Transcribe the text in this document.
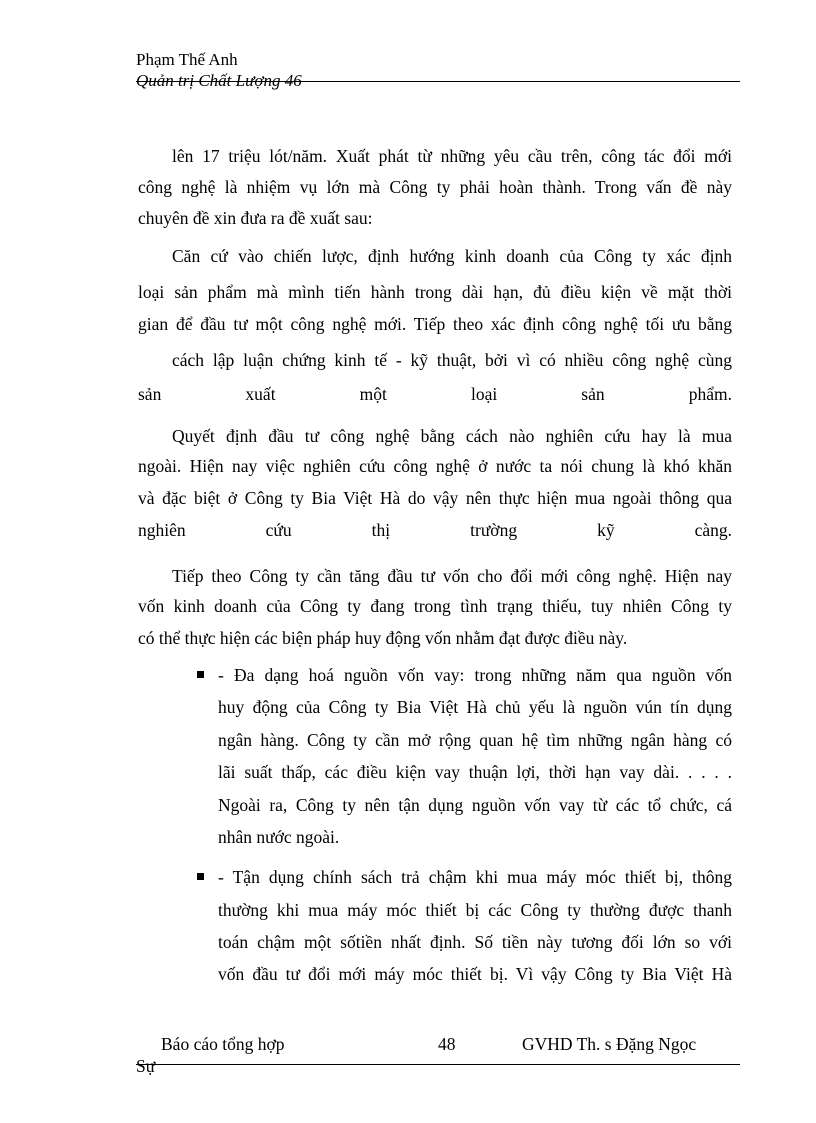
Phạm Thế Anh
Quản trị Chất Lượng 46
lên 17 triệu lót/năm. Xuất phát từ những yêu cầu trên, công tác đổi mới
công nghệ là nhiệm vụ lớn mà Công ty phải hoàn thành. Trong vấn đề này
chuyên đề xin đưa ra đề xuất sau:
Căn cứ vào chiến lược, định hướng kinh doanh của Công ty xác định
loại sản phẩm mà mình tiến hành trong dài hạn, đủ điều kiện về mặt thời
gian để đầu tư một công nghệ mới. Tiếp theo xác định công nghệ tối ưu bằng
cách lập luận chứng kinh tế - kỹ thuật, bởi vì có nhiều công nghệ cùng
sản xuất một loại sản phẩm.
Quyết định đầu tư công nghệ bằng cách nào nghiên cứu hay là mua
ngoài. Hiện nay việc nghiên cứu công nghệ ở nước ta nói chung là khó khăn
và đặc biệt ở Công ty Bia Việt Hà do vậy nên thực hiện mua ngoài thông qua
nghiên cứu thị trường kỹ càng.
Tiếp theo Công ty cần tăng đầu tư vốn cho đổi mới công nghệ. Hiện nay
vốn kinh doanh của Công ty đang trong tình trạng thiếu, tuy nhiên Công ty
có thể thực hiện các biện pháp huy động vốn nhằm đạt được điều này.
- Đa dạng hoá nguồn vốn vay: trong những năm qua nguồn vốn
huy động của Công ty Bia Việt Hà chủ yếu là nguồn vún tín dụng
ngân hàng. Công ty cần mở rộng quan hệ tìm những ngân hàng có
lãi suất thấp, các điều kiện vay thuận lợi, thời hạn vay dài. . . . .
Ngoài ra, Công ty nên tận dụng nguồn vốn vay từ các tổ chức, cá
nhân nước ngoài.
- Tận dụng chính sách trả chậm khi mua máy móc thiết bị, thông
thường khi mua máy móc thiết bị các Công ty thường được thanh
toán chậm một sốtiền nhất định. Số tiền này tương đối lớn so với
vốn đầu tư đổi mới máy móc thiết bị. Vì vậy Công ty Bia Việt Hà
Báo cáo tổng hợp	48	GVHD Th. s Đặng Ngọc
Sự
